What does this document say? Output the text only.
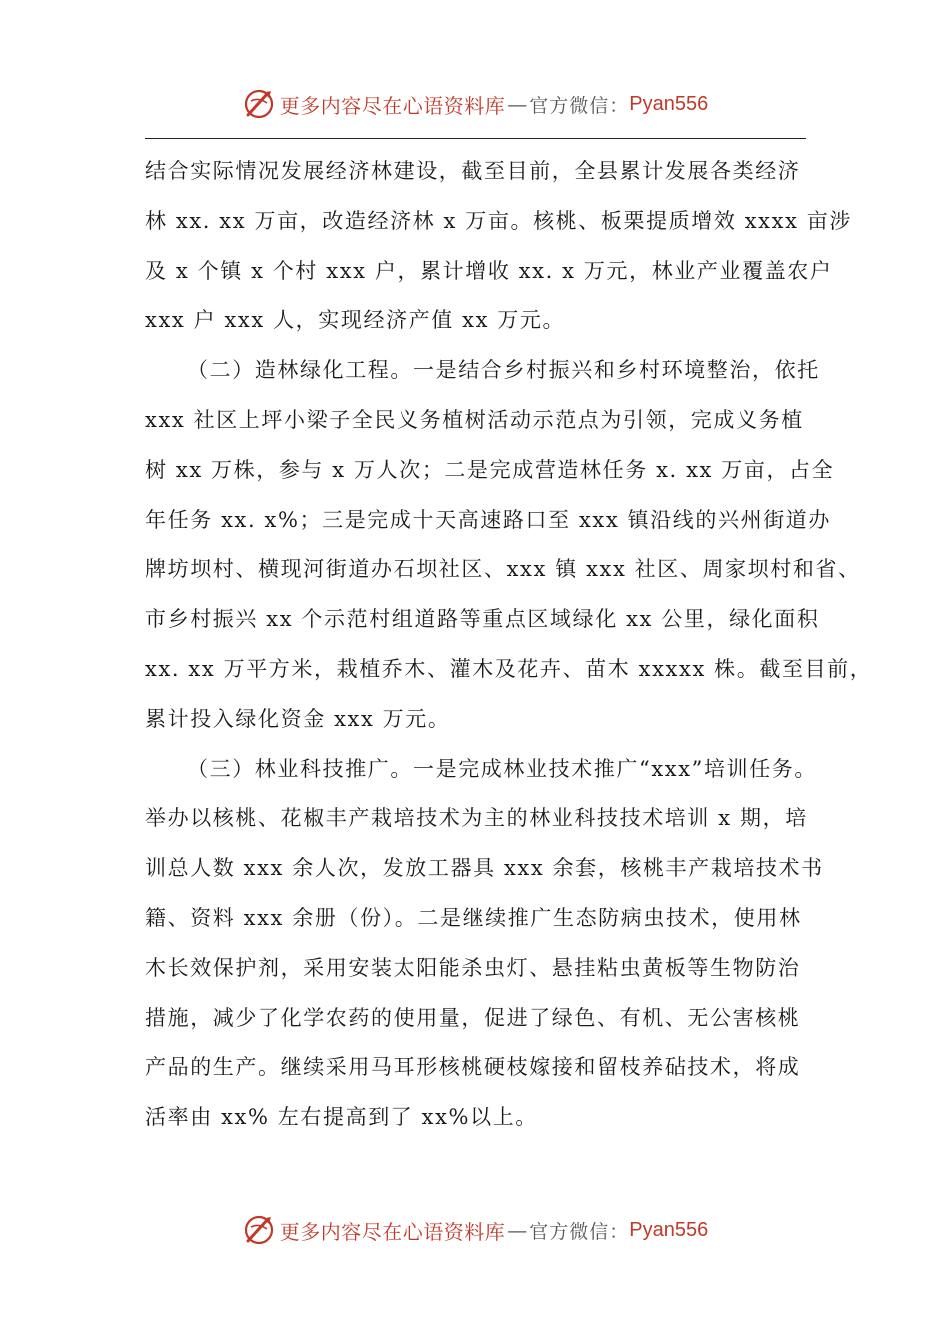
更多内容尽在心语资料库 — 官方微信： Pyan556
结合实际情况发展经济林建设，截至目前，全县累计发展各类经济
林 xx. xx 万亩，改造经济林 x 万亩。核桃、板栗提质增效 xxxx 亩涉
及 x 个镇 x 个村 xxx 户，累计增收 xx. x 万元，林业产业覆盖农户
xxx 户 xxx 人，实现经济产值 xx 万元。
（二）造林绿化工程。一是结合乡村振兴和乡村环境整治，依托
xxx 社区上坪小梁子全民义务植树活动示范点为引领，完成义务植
树 xx 万株，参与 x 万人次；二是完成营造林任务 x. xx 万亩，占全
年任务 xx. x%；三是完成十天高速路口至 xxx 镇沿线的兴州街道办
牌坊坝村、横现河街道办石坝社区、xxx 镇 xxx 社区、周家坝村和省、
市乡村振兴 xx 个示范村组道路等重点区域绿化 xx 公里，绿化面积
xx. xx 万平方米，栽植乔木、灌木及花卉、苗木 xxxxx 株。截至目前，
累计投入绿化资金 xxx 万元。
（三）林业科技推广。一是完成林业技术推广“xxx”培训任务。
举办以核桃、花椒丰产栽培技术为主的林业科技技术培训 x 期，培
训总人数 xxx 余人次，发放工器具 xxx 余套，核桃丰产栽培技术书
籍、资料 xxx 余册（份）。二是继续推广生态防病虫技术，使用林
木长效保护剂，采用安装太阳能杀虫灯、悬挂粘虫黄板等生物防治
措施，减少了化学农药的使用量，促进了绿色、有机、无公害核桃
产品的生产。继续采用马耳形核桃硬枝嫁接和留枝养砧技术，将成
活率由 xx% 左右提高到了 xx%以上。
更多内容尽在心语资料库 — 官方微信： Pyan556
